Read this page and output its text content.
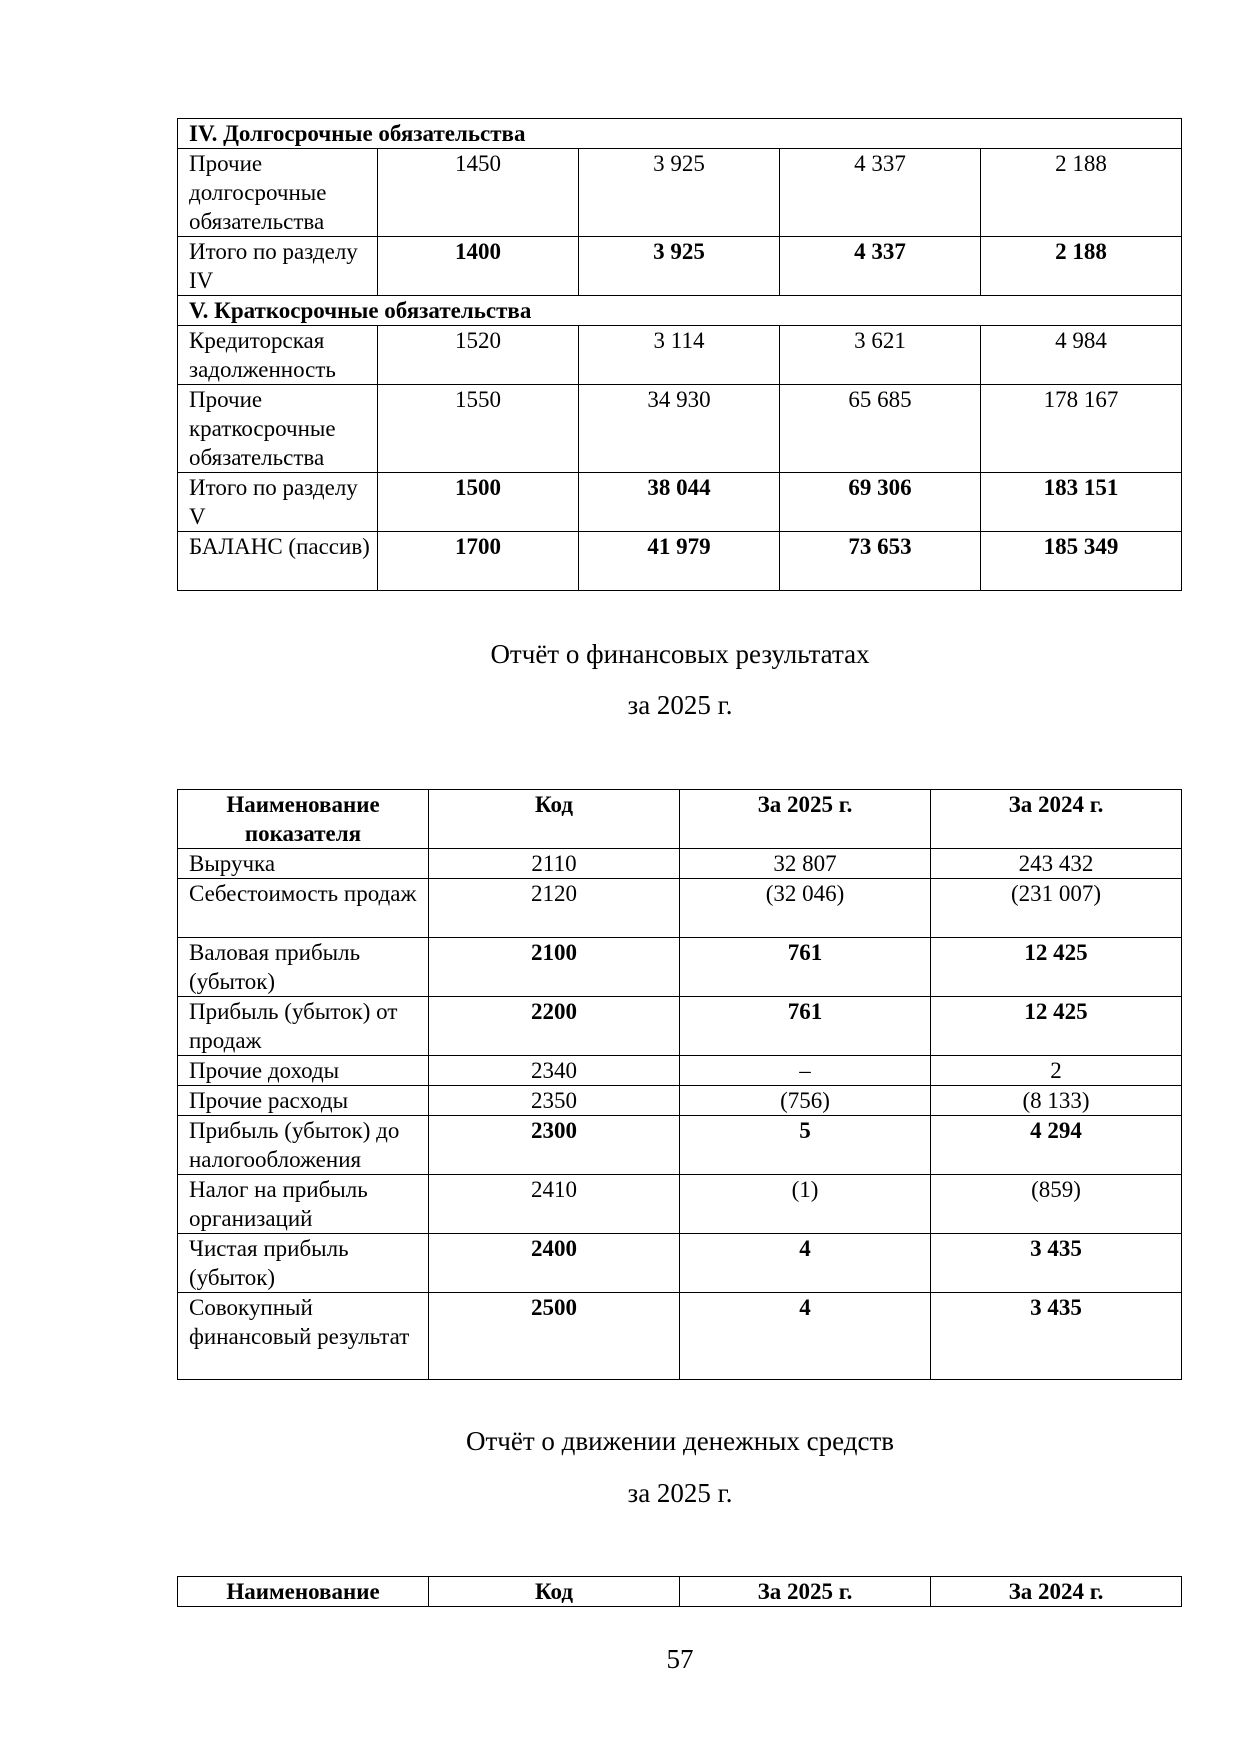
IV. Долгосрочные обязательства				
Прочие долгосрочные обязательства	1450	3 925	4 337	2 188
Итого по разделу IV	1400	3 925	4 337	2 188
V. Краткосрочные обязательства				
Кредиторская задолженность	1520	3 114	3 621	4 984
Прочие краткосрочные обязательства	1550	34 930	65 685	178 167
Итого по разделу V	1500	38 044	69 306	183 151
БАЛАНС (пассив)	1700	41 979	73 653	185 349
Отчёт о финансовых результатах
за 2025 г.
Наименование показателя	Код	За 2025 г.	За 2024 г.
Выручка	2110	32 807	243 432
Себестоимость продаж	2120	(32 046)	(231 007)
Валовая прибыль (убыток)	2100	761	12 425
Прибыль (убыток) от продаж	2200	761	12 425
Прочие доходы	2340	–	2
Прочие расходы	2350	(756)	(8 133)
Прибыль (убыток) до налогообложения	2300	5	4 294
Налог на прибыль организаций	2410	(1)	(859)
Чистая прибыль (убыток)	2400	4	3 435
Совокупный финансовый результат	2500	4	3 435
Отчёт о движении денежных средств
за 2025 г.
Наименование	Код	За 2025 г.	За 2024 г.
57
